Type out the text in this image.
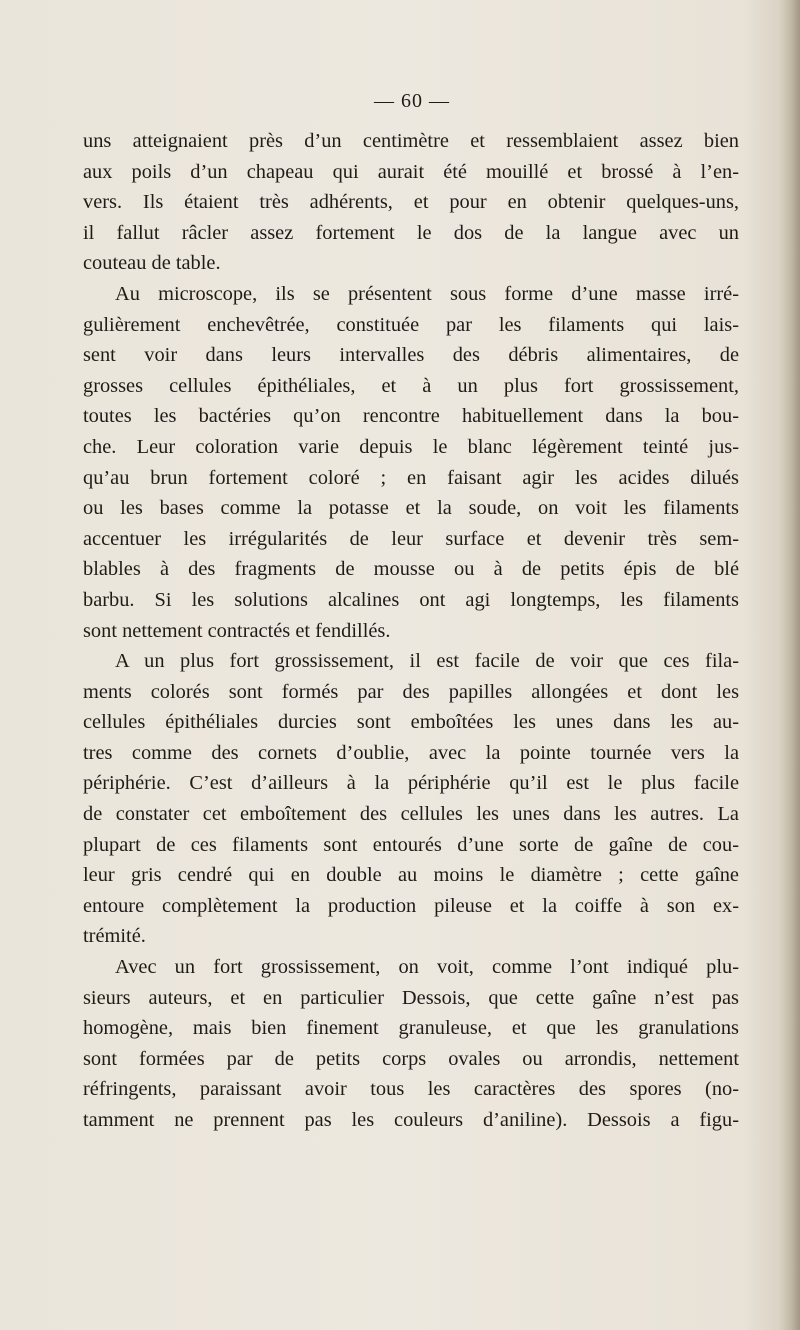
— 60 —
uns atteignaient près d’un centimètre et ressemblaient assez bien
aux poils d’un chapeau qui aurait été mouillé et brossé à l’en-
vers. Ils étaient très adhérents, et pour en obtenir quelques-uns,
il fallut râcler assez fortement le dos de la langue avec un
couteau de table.
Au microscope, ils se présentent sous forme d’une masse irré-
gulièrement enchevêtrée, constituée par les filaments qui lais-
sent voir dans leurs intervalles des débris alimentaires, de
grosses cellules épithéliales, et à un plus fort grossissement,
toutes les bactéries qu’on rencontre habituellement dans la bou-
che. Leur coloration varie depuis le blanc légèrement teinté jus-
qu’au brun fortement coloré ; en faisant agir les acides dilués
ou les bases comme la potasse et la soude, on voit les filaments
accentuer les irrégularités de leur surface et devenir très sem-
blables à des fragments de mousse ou à de petits épis de blé
barbu. Si les solutions alcalines ont agi longtemps, les filaments
sont nettement contractés et fendillés.
A un plus fort grossissement, il est facile de voir que ces fila-
ments colorés sont formés par des papilles allongées et dont les
cellules épithéliales durcies sont emboîtées les unes dans les au-
tres comme des cornets d’oublie, avec la pointe tournée vers la
périphérie. C’est d’ailleurs à la périphérie qu’il est le plus facile
de constater cet emboîtement des cellules les unes dans les autres. La
plupart de ces filaments sont entourés d’une sorte de gaîne de cou-
leur gris cendré qui en double au moins le diamètre ; cette gaîne
entoure complètement la production pileuse et la coiffe à son ex-
trémité.
Avec un fort grossissement, on voit, comme l’ont indiqué plu-
sieurs auteurs, et en particulier Dessois, que cette gaîne n’est pas
homogène, mais bien finement granuleuse, et que les granulations
sont formées par de petits corps ovales ou arrondis, nettement
réfringents, paraissant avoir tous les caractères des spores (no-
tamment ne prennent pas les couleurs d’aniline). Dessois a figu-
